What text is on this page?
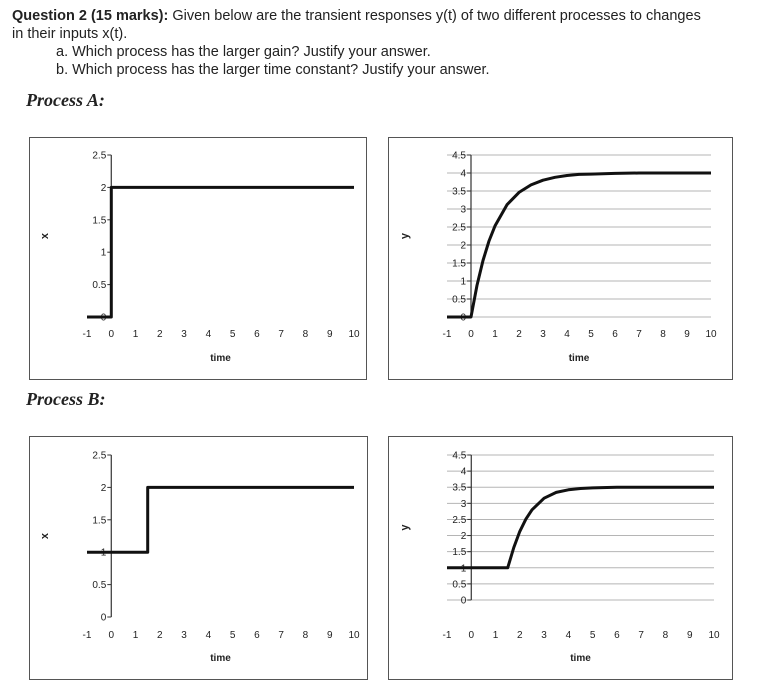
Question 2 (15 marks): Given below are the transient responses y(t) of two different processes to changes
in their inputs x(t).
a. Which process has the larger gain? Justify your answer.
b. Which process has the larger time constant? Justify your answer.
Process A:
Process B:
0
0.5
1
1.5
2
2.5
-1 0 1 2 3 4 5 6 7 8 9 10
time
x
0
0.5
1
1.5
2
2.5
3
3.5
4
4.5
-1 0 1 2 3 4 5 6 7 8 9 10
time
y
0
0.5
1
1.5
2
2.5
-1 0 1 2 3 4 5 6 7 8 9 10
time
x
0
0.5
1
1.5
2
2.5
3
3.5
4
4.5
-1 0 1 2 3 4 5 6 7 8 9 10
time
y
